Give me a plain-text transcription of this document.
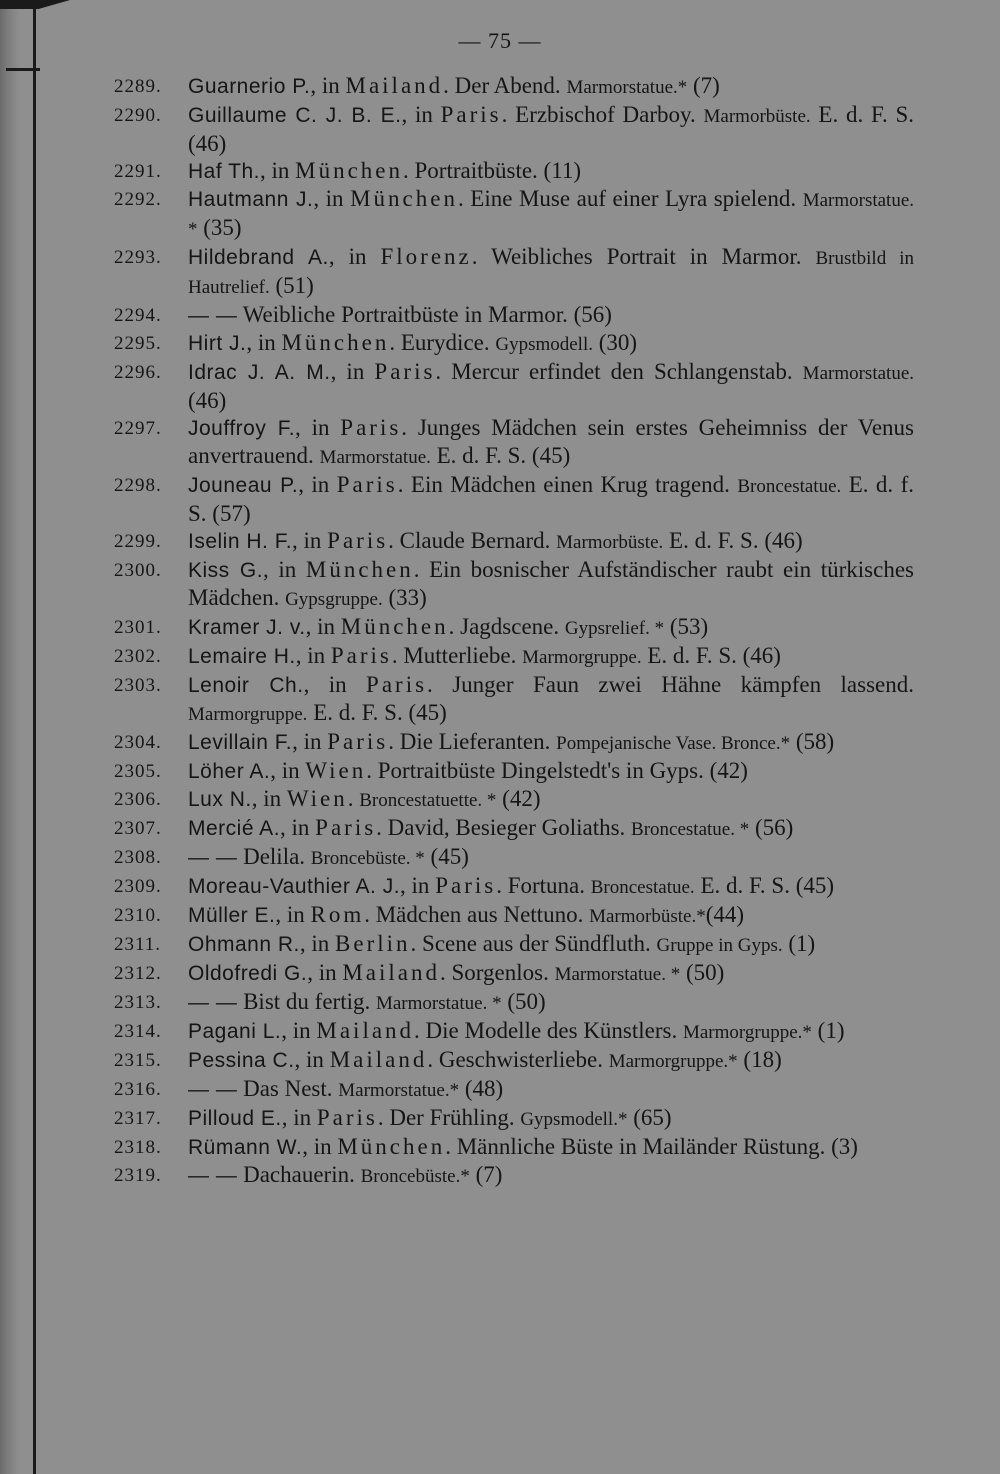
— 75 —
2289. Guarnerio P., in Mailand. Der Abend. Marmorstatue.* (7)
2290. Guillaume C. J. B. E., in Paris. Erzbischof Darboy. Marmorbüste. E. d. F. S. (46)
2291. Haf Th., in München. Portraitbüste. (11)
2292. Hautmann J., in München. Eine Muse auf einer Lyra spielend. Marmorstatue. * (35)
2293. Hildebrand A., in Florenz. Weibliches Portrait in Marmor. Brustbild in Hautrelief. (51)
2294. — — Weibliche Portraitbüste in Marmor. (56)
2295. Hirt J., in München. Eurydice. Gypsmodell. (30)
2296. Idrac J. A. M., in Paris. Mercur erfindet den Schlangenstab. Marmorstatue. (46)
2297. Jouffroy F., in Paris. Junges Mädchen sein erstes Geheimniss der Venus anvertrauend. Marmorstatue. E. d. F. S. (45)
2298. Jouneau P., in Paris. Ein Mädchen einen Krug tragend. Broncestatue. E. d. f. S. (57)
2299. Iselin H. F., in Paris. Claude Bernard. Marmorbüste. E. d. F. S. (46)
2300. Kiss G., in München. Ein bosnischer Aufständischer raubt ein türkisches Mädchen. Gypsgruppe. (33)
2301. Kramer J. v., in München. Jagdscene. Gypsrelief. * (53)
2302. Lemaire H., in Paris. Mutterliebe. Marmorgruppe. E. d. F. S. (46)
2303. Lenoir Ch., in Paris. Junger Faun zwei Hähne kämpfen lassend. Marmorgruppe. E. d. F. S. (45)
2304. Levillain F., in Paris. Die Lieferanten. Pompejanische Vase. Bronce.* (58)
2305. Löher A., in Wien. Portraitbüste Dingelstedt's in Gyps. (42)
2306. Lux N., in Wien. Broncestatuette. * (42)
2307. Mercié A., in Paris. David, Besieger Goliaths. Broncestatue. * (56)
2308. — — Delila. Broncebüste. * (45)
2309. Moreau-Vauthier A. J., in Paris. Fortuna. Broncestatue. E. d. F. S. (45)
2310. Müller E., in Rom. Mädchen aus Nettuno. Marmorbüste.*(44)
2311. Ohmann R., in Berlin. Scene aus der Sündfluth. Gruppe in Gyps. (1)
2312. Oldofredi G., in Mailand. Sorgenlos. Marmorstatue. * (50)
2313. — — Bist du fertig. Marmorstatue. * (50)
2314. Pagani L., in Mailand. Die Modelle des Künstlers. Marmorgruppe.* (1)
2315. Pessina C., in Mailand. Geschwisterliebe. Marmorgruppe.* (18)
2316. — — Das Nest. Marmorstatue.* (48)
2317. Pilloud E., in Paris. Der Frühling. Gypsmodell.* (65)
2318. Rümann W., in München. Männliche Büste in Mailänder Rüstung. (3)
2319. — — Dachauerin. Broncebüste.* (7)
